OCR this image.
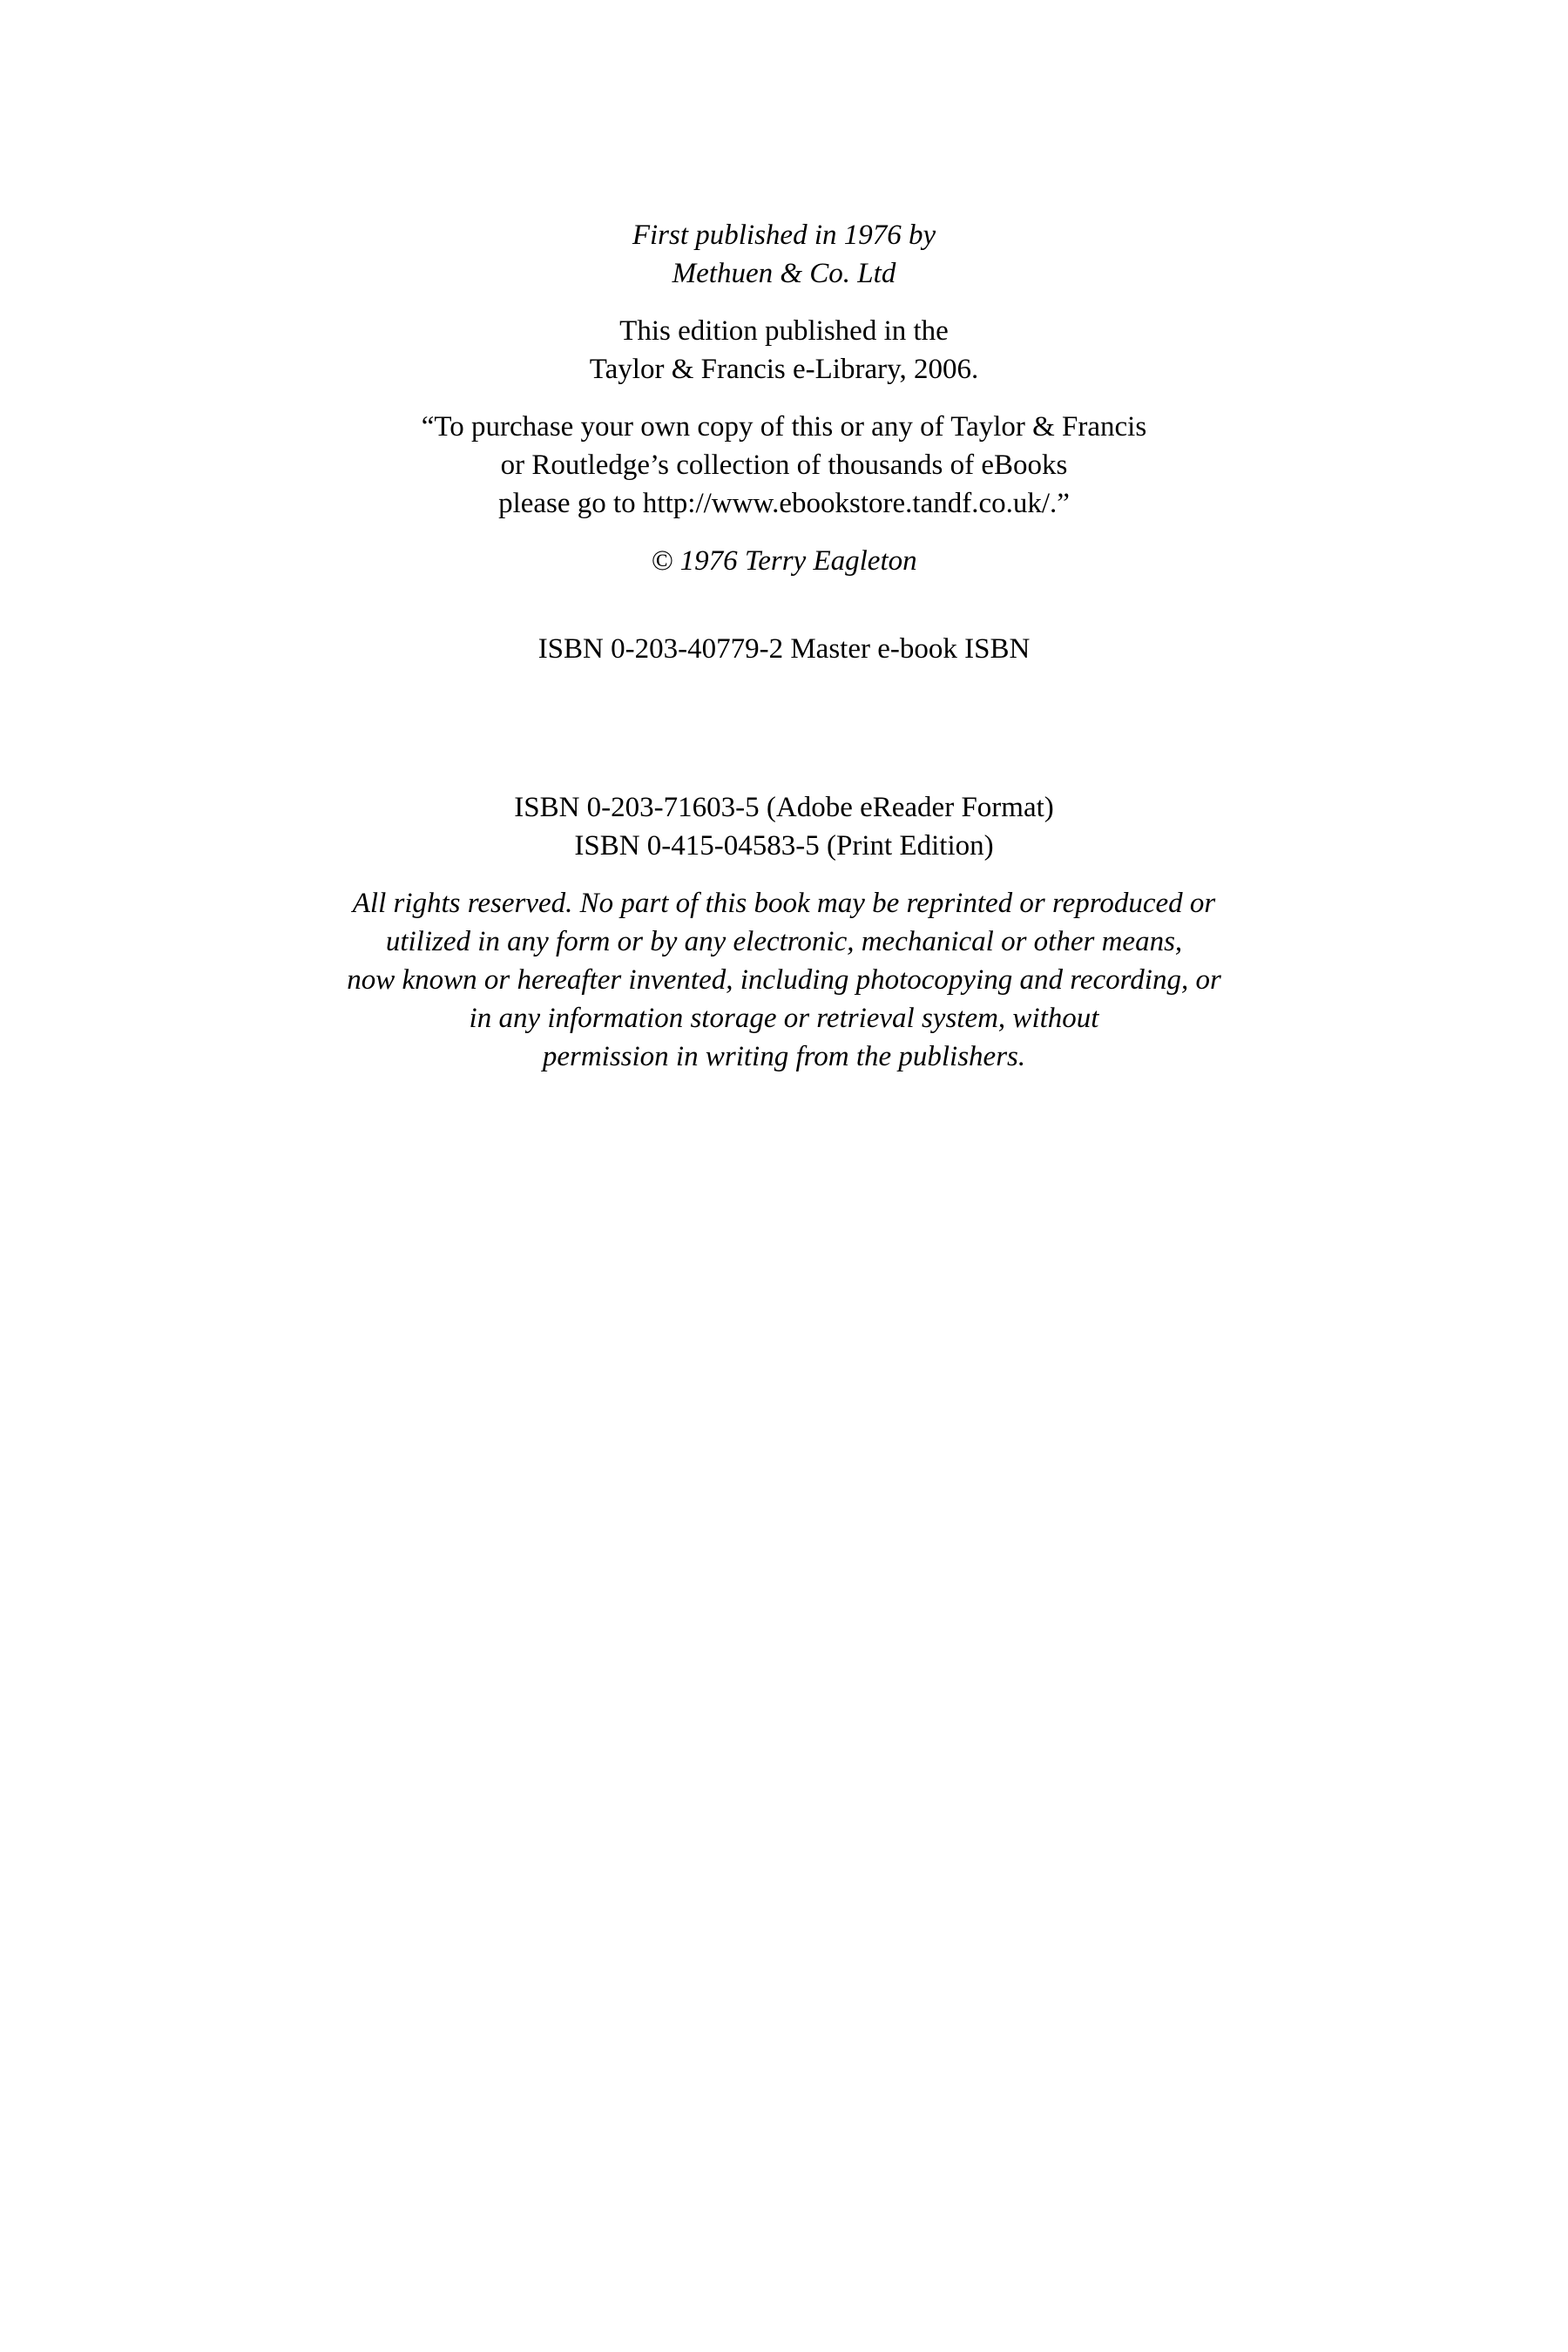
First published in 1976 by
Methuen & Co. Ltd
This edition published in the
Taylor & Francis e-Library, 2006.
“To purchase your own copy of this or any of Taylor & Francis
or Routledge’s collection of thousands of eBooks
please go to http://www.ebookstore.tandf.co.uk/.”
© 1976 Terry Eagleton
ISBN 0-203-40779-2 Master e-book ISBN
ISBN 0-203-71603-5 (Adobe eReader Format)
ISBN 0-415-04583-5 (Print Edition)
All rights reserved. No part of this book may be reprinted or reproduced or
utilized in any form or by any electronic, mechanical or other means,
now known or hereafter invented, including photocopying and recording, or
in any information storage or retrieval system, without
permission in writing from the publishers.
